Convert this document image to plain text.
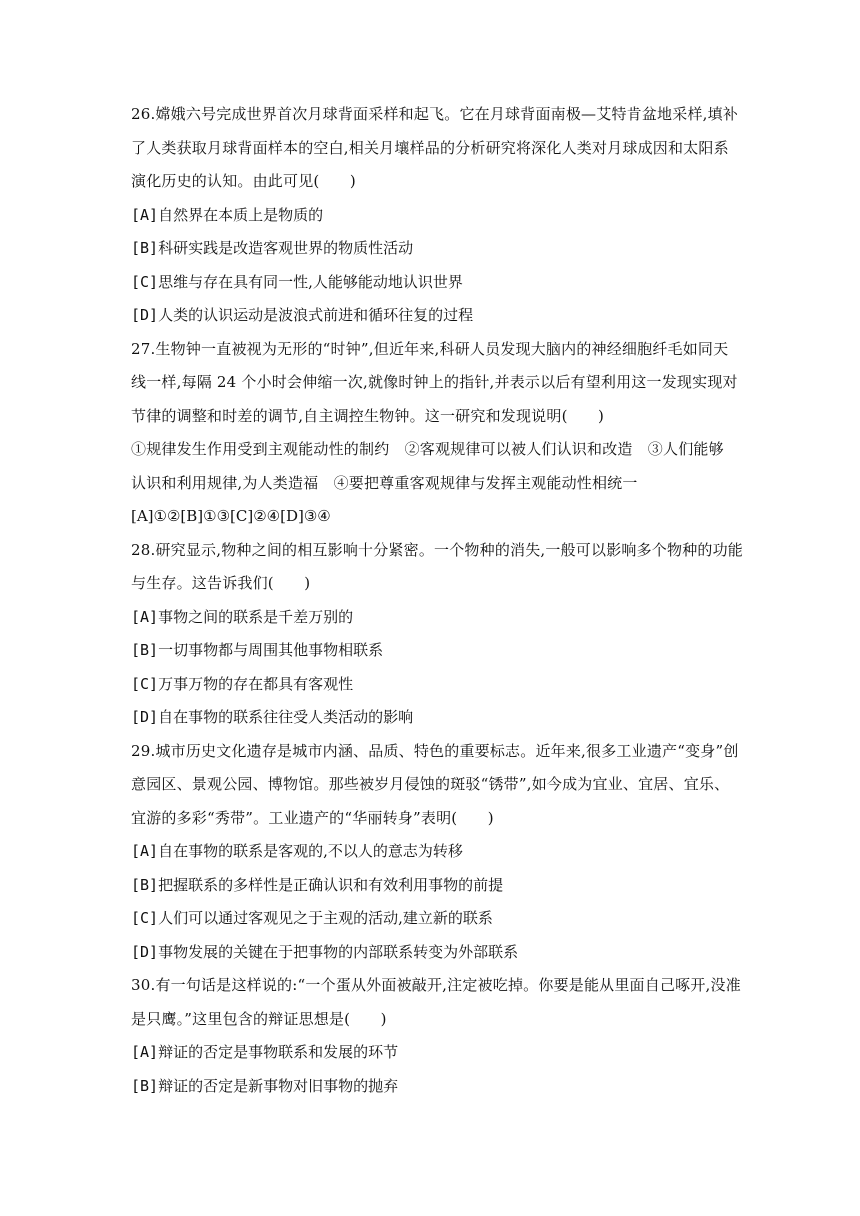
26.嫦娥六号完成世界首次月球背面采样和起飞。它在月球背面南极—艾特肯盆地采样,填补
了人类获取月球背面样本的空白,相关月壤样品的分析研究将深化人类对月球成因和太阳系
演化历史的认知。由此可见(　　)
[A]自然界在本质上是物质的
[B]科研实践是改造客观世界的物质性活动
[C]思维与存在具有同一性,人能够能动地认识世界
[D]人类的认识运动是波浪式前进和循环往复的过程
27.生物钟一直被视为无形的“时钟”,但近年来,科研人员发现大脑内的神经细胞纤毛如同天
线一样,每隔 24 个小时会伸缩一次,就像时钟上的指针,并表示以后有望利用这一发现实现对
节律的调整和时差的调节,自主调控生物钟。这一研究和发现说明(　　)
①规律发生作用受到主观能动性的制约　②客观规律可以被人们认识和改造　③人们能够
认识和利用规律,为人类造福　④要把尊重客观规律与发挥主观能动性相统一
[A]①②[B]①③[C]②④[D]③④
28.研究显示,物种之间的相互影响十分紧密。一个物种的消失,一般可以影响多个物种的功能
与生存。这告诉我们(　　)
[A]事物之间的联系是千差万别的
[B]一切事物都与周围其他事物相联系
[C]万事万物的存在都具有客观性
[D]自在事物的联系往往受人类活动的影响
29.城市历史文化遗存是城市内涵、品质、特色的重要标志。近年来,很多工业遗产“变身”创
意园区、景观公园、博物馆。那些被岁月侵蚀的斑驳“锈带”,如今成为宜业、宜居、宜乐、
宜游的多彩“秀带”。工业遗产的“华丽转身”表明(　　)
[A]自在事物的联系是客观的,不以人的意志为转移
[B]把握联系的多样性是正确认识和有效利用事物的前提
[C]人们可以通过客观见之于主观的活动,建立新的联系
[D]事物发展的关键在于把事物的内部联系转变为外部联系
30.有一句话是这样说的:“一个蛋从外面被敲开,注定被吃掉。你要是能从里面自己啄开,没准
是只鹰。”这里包含的辩证思想是(　　)
[A]辩证的否定是事物联系和发展的环节
[B]辩证的否定是新事物对旧事物的抛弃
